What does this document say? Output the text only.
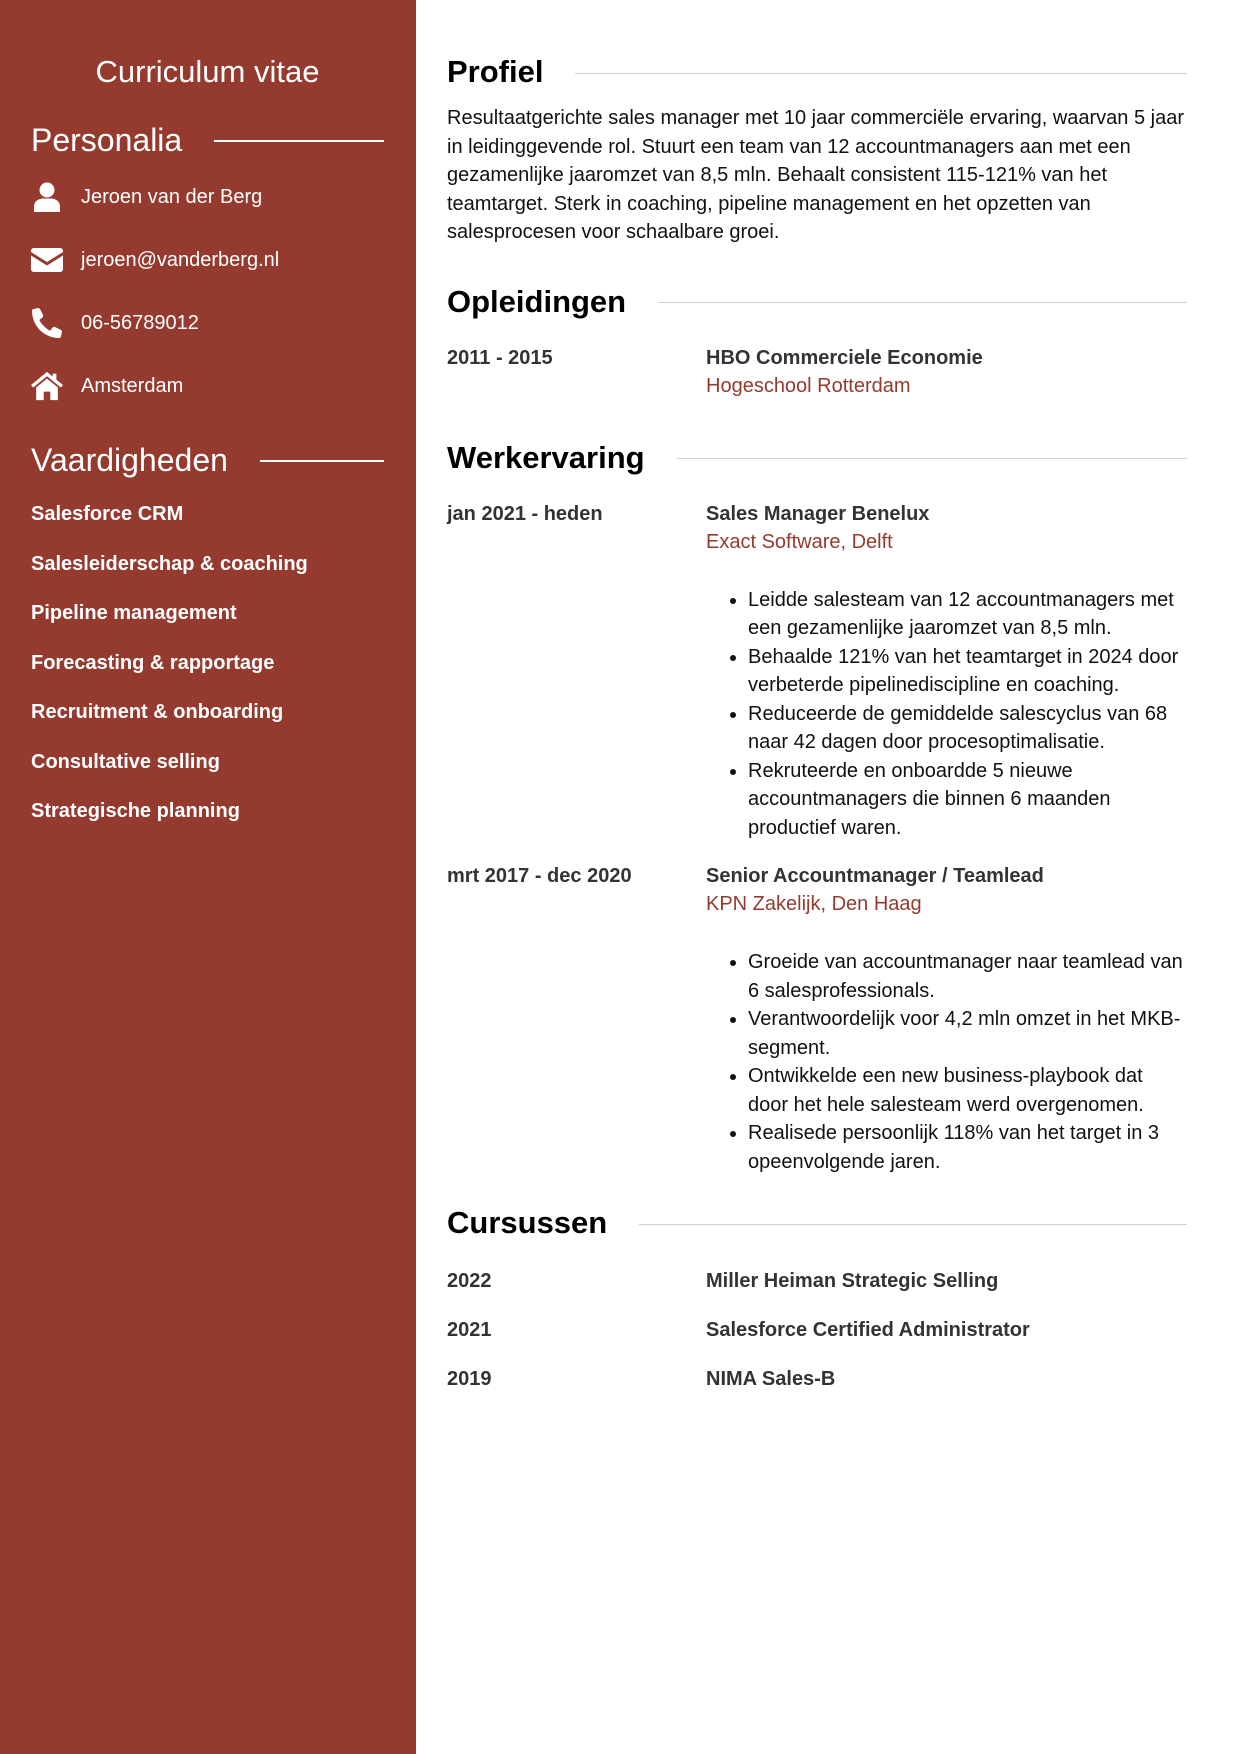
Curriculum vitae
Personalia
Jeroen van der Berg
jeroen@vanderberg.nl
06-56789012
Amsterdam
Vaardigheden
Salesforce CRM
Salesleiderschap & coaching
Pipeline management
Forecasting & rapportage
Recruitment & onboarding
Consultative selling
Strategische planning
Profiel

Resultaatgerichte sales manager met 10 jaar commerciële ervaring, waarvan 5 jaar in leidinggevende rol. Stuurt een team van 12 accountmanagers aan met een gezamenlijke jaaromzet van 8,5 mln. Behaalt consistent 115-121% van het teamtarget. Sterk in coaching, pipeline management en het opzetten van salesprocesen voor schaalbare groei.

Opleidingen
2011 - 2015	HBO Commerciele Economie
Hogeschool Rotterdam
Werkervaring
jan 2021 - heden	Sales Manager Benelux
Exact Software, Delft
• Leidde salesteam van 12 accountmanagers met een gezamenlijke jaaromzet van 8,5 mln.
• Behaalde 121% van het teamtarget in 2024 door verbeterde pipelinediscipline en coaching.
• Reduceerde de gemiddelde salescyclus van 68 naar 42 dagen door procesoptimalisatie.
• Rekruteerde en onboardde 5 nieuwe accountmanagers die binnen 6 maanden productief waren.
mrt 2017 - dec 2020	Senior Accountmanager / Teamlead
KPN Zakelijk, Den Haag
• Groeide van accountmanager naar teamlead van 6 salesprofessionals.
• Verantwoordelijk voor 4,2 mln omzet in het MKB-segment.
• Ontwikkelde een new business-playbook dat door het hele salesteam werd overgenomen.
• Realisede persoonlijk 118% van het target in 3 opeenvolgende jaren.
Cursussen
2022	Miller Heiman Strategic Selling
2021	Salesforce Certified Administrator
2019	NIMA Sales-B
